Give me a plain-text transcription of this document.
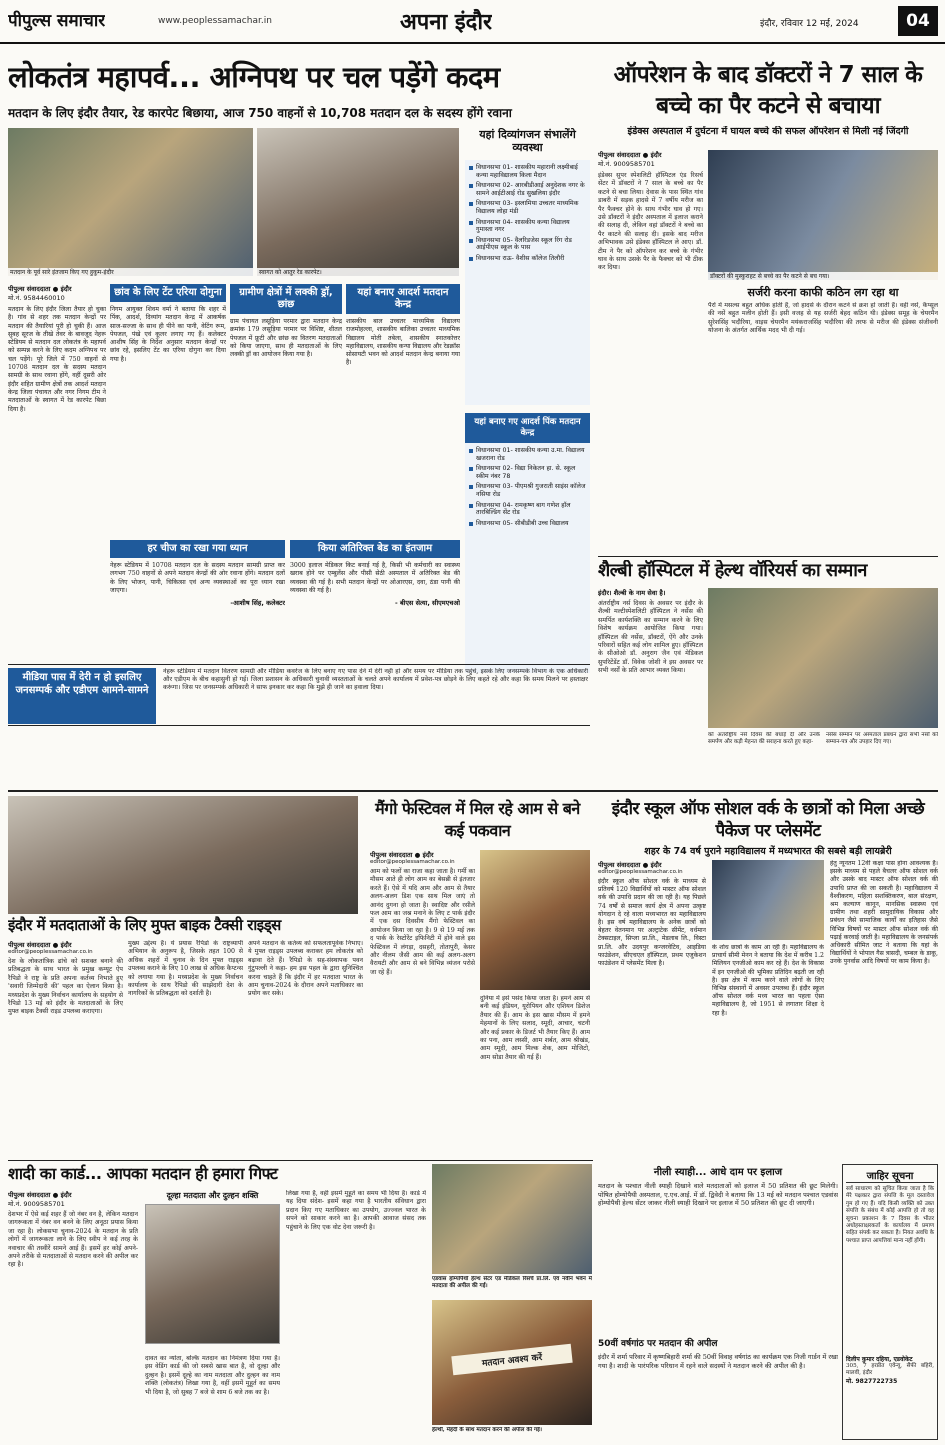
पीपुल्स समाचार	www.peoplessamachar.in	अपना इंदौर	इंदौर, रविवार 12 मई, 2024	04
लोकतंत्र महापर्व... अग्निपथ पर चल पड़ेंगे कदम
मतदान के लिए इंदौर तैयार, रेड कारपेट बिछाया, आज 750 वाहनों से 10,708 मतदान दल के सदस्य होंगे रवाना
मतदान के पूर्व सारे इंतजाम किए गए हुकुम-इंदौर	स्वागत को आतुर रेड कारपेट।
यहां दिव्यांगजन संभालेंगे व्यवस्था
विधानसभा 01- शासकीय महारानी लक्ष्मीबाई कन्या महाविद्यालय किला मैदान
विधानसभा 02- आरबीडीआई अनुदेशक नगर के सामने आईटीआई रोड सुखलिया इंदौर
विधानसभा 03- इस्लामिया उच्चतर माध्यमिक विद्यालय लोहा मंडी
विधानसभा 04- शासकीय कन्या विद्यालय गुमास्ता नगर
विधानसभा 05- वैलरिडजेस स्कूल रिंग रोड आईपीएस स्कूल के पास
विधानसभा राऊ- वैशीस कॉलेज तिलौरी
यहां बनाए गए आदर्श पिंक मतदान केन्द्र
विधानसभा 01- शासकीय कन्या उ.मा. विद्यालय खजराना रोड
विधानसभा 02- विद्या निकेतन हा. से. स्कूल स्कीम नंबर 78
विधानसभा 03- पीएमश्री गुजराती साइंस कॉलेज नसिया रोड
विधानसभा 04- रामकृष्ण बाग गणेश हॉल तारबिल्डिंग सेंट रोड
विधानसभा 05- सीबीडीबी उच्च विद्यालय
पीपुल्स संवाददाता ● इंदौर
मो.नं. 9584460010
मतदान के लिए इंदौर जिला तैयार हो चुका है। गांव से शहर तक मतदान केन्द्रों पर मतदान की तैयारियां पूरी हो चुकी हैं। आज सुबह सूरज के तीखे तेवर के बावजूद नेहरू स्टेडियम से मतदान दल लोकतंत्र के महापर्व को सम्पन्न करने के लिए कदम अग्निपथ पर चल पड़ेंगे। पूरे जिले में 750 वाहनों से 10708 मतदान दल के सदस्य मतदान सामग्री के साथ रवाना होंगे, वहीं दूसरी ओर इंदौर शहित ग्रामीण क्षेत्रों तक आदर्श मतदान केन्द्र जिला पंचायत और नगर निगम टीम ने मतदाताओं के स्वागत में रेड कारपेट बिछा दिया है।
छांव के लिए टेंट एरिया दोगुना
निगम आयुक्त शिवम वर्मा ने बताया कि शहर में पिंक, आदर्श, दिव्यांग मतदान केन्द्र में आकर्षक साज-सज्जा के साथ ही पीने का पानी, वेटिंग रूम, पेयजल, पंखे एवं कूलर लगाए गए हैं। कलेक्टर आशीष सिंह के निर्देश अनुसार मतदान केन्द्रों पर छांव रहे, इसलिए टेंट का एरिया दोगुना कर दिया गया है।
ग्रामीण क्षेत्रों में लक्की ड्रॉ, छांछ
ग्राम पंचायत लसूड़िया परमार द्वारा मतदान केन्द्र क्रमांक 179 लसूड़िया परमार पर विशिष्ट, शीतल पेयजल में फ्रूटी और छांछ का वितरण मतदाताओं को किया जाएगा, साथ ही मतदाताओं के लिए लक्की ड्रॉ का आयोजन किया गया है।
यहां बनाए आदर्श मतदान केन्द्र
शासकीय बाल उच्चतर माध्यमिक विद्यालय राजमोहल्ला, शासकीय बालिका उच्चतर माध्यमिक विद्यालय मोती तबेला, शासकीय स्नातकोत्तर महाविद्यालय, शासकीय कन्या विद्यालय और रेडक्रॉस सोसायटी भवन को आदर्श मतदान केन्द्र बनाया गया है।
हर चीज का रखा गया ध्यान
नेहरू स्टेडियम में 10708 मतदान दल के सदस्य मतदान सामग्री प्राप्त कर लगभग 750 वाहनों से अपने मतदान केन्द्रों की ओर रवाना होंगे। मतदान दलों के लिए भोजन, पानी, चिकित्सा एवं अन्य व्यवस्थाओं का पूरा ध्यान रखा जाएगा।
-आशीष सिंह, कलेक्टर
किया अतिरिक्त बेड का इंतजाम
3000 इलाज मेडिकल किट बनाई गई है, किसी भी कर्मचारी का स्वास्थ्य खराब होने पर एम्बुलेंस और पीसी सेठी अस्पताल में अतिरिक्त बेड की व्यवस्था की गई है। सभी मतदान केन्द्रों पर ओआरएस, दवा, ठंडा पानी की व्यवस्था की गई है।
- बीएस सेत्या, सीएमएचओ
मीडिया पास में देरी न हो इसलिए जनसम्पर्क और एडीएम आमने-सामने
नेहरू स्टेडियम में मतदान वितरण सामग्री और मीडिया कवरेज के लिए बनाए गए पास देने में देरी नहीं हो और समय पर मीडिया तक पहुंचे, इसके लिए जनसम्पर्क विभाग के एक अधिकारी और एडीएम के बीच कहासुनी हो गई। जिला प्रशासन के अधिकारी चुनावी व्यस्तताओं के चलते अपने कार्यालय में प्रवेश-पत्र छोड़ने के लिए कहते रहे और कहा कि समय मिलने पर हस्ताक्षर करूंगा। जिस पर जनसम्पर्क अधिकारी ने साफ इनकार कर कहा कि मुझे ही जाने का हवाला दिया।
ऑपरेशन के बाद डॉक्टरों ने 7 साल के बच्चे का पैर कटने से बचाया
इंडेक्स अस्पताल में दुर्घटना में घायल बच्चे की सफल ऑपरेशन से मिली नई जिंदगी
पीपुल्स संवाददाता ● इंदौर
मो.नं. 9009585701
इंडेक्स सुपर स्पेशलिटी हॉस्पिटल एंड रिसर्च सेंटर में डॉक्टरों ने 7 साल के बच्चे का पैर कटने से बचा लिया। देवास के पास स्थित गांव डाबरी में सड़क हादसे में 7 वर्षीय मरीज का पैर फैक्चर होने के साथ गंभीर घाव हो गए। उसे डॉक्टरों ने इंदौर अस्पताल में इलाज कराने की सलाह दी, लेकिन वहां डॉक्टरों ने बच्चे का पैर काटने की सलाह दी। इसके बाद मरीज अभिभावक उसे इंडेक्स हॉस्पिटल ले आए। डॉ. टीम ने पैर को ऑपरेशन कर बच्चे के गंभीर घाव के साथ उसके पैर के फैक्चर को भी ठीक कर दिया।
डॉक्टरों की मुस्कुराहट से बच्चे का पैर कटने से बच गया।
सर्जरी करना काफी कठिन लग रहा था
पैरों में मसल्स बहुत अधिक होती हैं, जो हादसे के दौरान कटने से क्रश हो जाती हैं। वहीं नसें, कैप्सूल की नसें बहुत मलीन होती हैं। इसी वजह से यह सर्जरी बेहद कठिन थी। इंडेक्स समूह के चेयरमैन सुरेशसिंह भदौरिया, वाइस चेयरमैन मयंकराजसिंह भदौरिया की तरफ से मरीज की इंडेक्स संजीवनी योजना के अंतर्गत आर्थिक मदद भी दी गई।
शैल्बी हॉस्पिटल में हेल्थ वॉरियर्स का सम्मान
इंदौर। शैल्बी के नाम सेवा है।
अंतर्राष्ट्रीय नर्स दिवस के अवसर पर इंदौर के शैल्बी मल्टीस्पेशलिटी हॉस्पिटल ने नर्सेस की समर्पित कार्यशक्ति का सम्मान करने के लिए विशेष कार्यक्रम आयोजित किया गया। हॉस्पिटल की नर्सेस, डॉक्टरों, ऐंगे और उनके परिवारों सहित कई लोग शामिल हुए। हॉस्पिटल के सीओओ डॉ. अनुराग जैन एवं मेडिकल सुपरिटेंडेंट डॉ. विवेक जोशी ने इस अवसर पर सभी नर्सों के प्रति आभार व्यक्त किया।
को अंतर्राष्ट्रीय नर्स दिवस की बधाई दी और उनके समर्पण और कड़ी मेहनत की सराहना करते हुए कहा-
नर्सेस सम्मान पर अस्पताल प्रबंधन द्वारा सभी नर्सों को सम्मान-पत्र और उपहार दिए गए।
इंदौर में मतदाताओं के लिए मुफ्त बाइक टैक्सी राइड्स
पीपुल्स संवाददाता ● इंदौर
editor@peoplessamachar.co.in
देश के लोकतांत्रिक ढांचे को सशक्त बनाने की प्रतिबद्धता के साथ भारत के प्रमुख कम्यूट ऐप रैपिडो ने राष्ट्र के प्रति अपना कर्तव्य निभाते हुए 'सवारी जिम्मेदारी की' पहल का ऐलान किया है। मध्यप्रदेश के मुख्य निर्वाचन कार्यालय के सहयोग से रैपिडो 13 मई को इंदौर के मतदाताओं के लिए मुफ्त बाइक टैक्सी राइड उपलब्ध कराएगा।
मुख्य उद्देश्य है। ये प्रयास रैपिडो के राष्ट्रव्यापी अभियान के अनुरूप है, जिसके तहत 100 से अधिक शहरों में चुनाव के दिन मुफ्त राइड्स उपलब्ध कराने के लिए 10 लाख से अधिक कैप्टन्स को लगाया गया है। मध्यप्रदेश के मुख्य निर्वाचन कार्यालय के साथ रैपिडो की साझेदारी देश के नागरिकों के प्रतिबद्धता को दर्शाती है।
अपने मतदान के कर्तव्य को सफलतापूर्वक निभाए। ये मुफ्त राइड्स उपलब्ध कराकर हम लोकतंत्र को बढ़ावा देते हैं। रैपिडो के सह-संस्थापक पवन गुंटुपल्ली ने कहा- हम इस पहल के द्वारा सुनिश्चित करना चाहते हैं कि इंदौर में हर मतदाता भारत के आम चुनाव-2024 के दौरान अपने मताधिकार का प्रयोग कर सके।
मैंगो फेस्टिवल में मिल रहे आम से बने कई पकवान
पीपुल्स संवाददाता ● इंदौर
editor@peoplessamachar.co.in
आम को फलों का राजा कहा जाता है। गर्मी का मौसम आते ही लोग आम का बेसब्री से इंतजार करते हैं। ऐसे में यदि आम और आम से तैयार अलग-अलग डिश एक साथ मिल जाएं तो आनंद दुगना हो जाता है। स्वादिष्ट और रसीले फल आम का जश्न मनाने के लिए ट पार्क इंदौर में एक दस दिवसीय मैंगो फेस्टिवल का आयोजन किया जा रहा है। 9 से 19 मई तक द पार्क के रेस्टोरेंट इफिनिटी में होने वाले इस फेस्टिवल में लंगड़ा, दसहरी, तोतापुरी, केसर और नीलम जैसी आम की कई अलग-अलग वैरायटी और आम से बने विभिन्न व्यंजन परोसे जा रहे हैं।
दुनिया में इसे पसंद किया जाता है। हमने आम से बनी कई इंडियन, यूरोपियन और एशियन डिशेज तैयार की हैं। आम के इस खास मौसम में हमने मेहमानों के लिए सलाद, स्मूदी, आचार, चटनी और कई प्रकार के डिजर्ट भी तैयार किए हैं। आम का पना, आम लस्सी, आम शर्बत, आम श्रीखंड, आम स्मूदी, आम मिल्क शेक, आम मोजिटो, आम सोडा तैयार की गई हैं।
इंदौर स्कूल ऑफ सोशल वर्क के छात्रों को मिला अच्छे पैकेज पर प्लेसमेंट
शहर के 74 वर्ष पुराने महाविद्यालय में मध्यभारत की सबसे बड़ी लायब्रेरी
पीपुल्स संवाददाता ● इंदौर
editor@peoplessamachar.co.in
इंदौर स्कूल ऑफ सोशल वर्क के माध्यम से प्रतिवर्ष 120 विद्यार्थियों को मास्टर ऑफ सोशल वर्क की उपाधि प्रदान की जा रही है। यह पिछले 74 वर्षों से समाज कार्य क्षेत्र में अपना उत्कृष्ट योगदान दे रहे वाला मध्यभारत का महाविद्यालय है। इस वर्ष महाविद्यालय के अनेक छात्रों को बेहतर वेतनमान पर अल्ट्राटेक सीमेंट, वर्धमान टेक्सटाइल, सिप्ला प्रा.लि., मेडलाब लि., विस्टा प्रा.लि. और उदयपुर कन्जरवेटिव, आइडिया फाउंडेशन, सीएचएल हॉस्पिटल, प्रथम एजुकेशन फाउंडेशन में प्लेसमेंट मिला है।
के शोध छात्रों के काम आ रही हैं। महाविद्यालय के प्राचार्य सीमी मेनन ने बताया कि देश में करीब 1.2 मिलियन एनजीओ काम कर रहे हैं। देश के विकास में इन एनजीओ की भूमिका प्रतिदिन बढ़ती जा रही है। इस क्षेत्र में काम करने वाले लोगों के लिए विभिन्न संस्थानों में अवसर उपलब्ध हैं। इंदौर स्कूल ऑफ सोशल वर्क मध्य भारत का पहला ऐसा महाविद्यालय है, जो 1951 से लगातार शिक्षा दे रहा है।
हेतु न्यूनतम 12वीं कक्षा पास होना आवश्यक है। इसके माध्यम से पहले बैचलर ऑफ सोशल वर्क और उसके बाद मास्टर ऑफ सोशल वर्क की उपाधि प्राप्त की जा सकती है। महाविद्यालय में वैश्वीकरण, महिला सशक्तिकरण, बाल संरक्षण, श्रम कल्याण कानून, मानसिक स्वास्थ्य एवं ग्रामीण तथा शहरी सामुदायिक विकास और प्रबंधन जैसे सामाजिक कार्यों का इतिहास जैसे विभिन्न विषयों पर मास्टर ऑफ सोशल वर्क की पढ़ाई करवाई जाती है। महाविद्यालय के जनसंपर्क अधिकारी सीमित जाट ने बताया कि यहां के विद्यार्थियों ने भोपाल गैस त्रासदी, चम्बल के डाकू, उनके पुनर्वास आदि विषयों पर काम किया है।
शादी का कार्ड... आपका मतदान ही हमारा गिफ्ट
पीपुल्स संवाददाता ● इंदौर
मो.नं. 9009585701
देशभर में ऐसे कई शहर हैं जो नंबर वन है, लेकिन मतदान जागरूकता में नंबर वन बनने के लिए अनूठा प्रयास किया जा रहा है। लोकसभा चुनाव-2024 के मतदान के प्रति लोगों में जागरूकता लाने के लिए स्वीप ने कई तरह के नवाचार की तस्वीरें सामने आई हैं। इसमें हर कोई अपने-अपने तरीके से मतदाताओं से मतदान करने की अपील कर रहा है।
दूल्हा मतदाता और दुल्हन शक्ति
दावत का न्योता, बल्कि मतदान का निमंत्रण दिया गया है। इस वेडिंग कार्ड की जो सबसे खास बात है, वो दूल्हा और दुल्हन है। इसमें दूल्हे का नाम मतदाता और दुल्हन का नाम शक्ति (लोकतंत्र) लिखा गया है, वहीं इसमें मुहूर्त का समय भी दिया है, जो सुबह 7 बजे से शाम 6 बजे तक का है।
लिखा गया है, वहीं इसमें मुहूर्त का समय भी दिया है। कार्ड में यह दिया संदेश- इसमें कहा गया है भारतीय संविधान द्वारा प्रदान किए गए मताधिकार का उपयोग, उज्ज्वल भारत के सपने को साकार करने का है। आपकी आवाज संसद तक पहुंचाने के लिए एक वोट देना जरूरी है।
एडवांस होम्योपैथी हेल्थ सेंटर एंड मेडिकल रिसर्च प्रा.लि. एवं नवीन भवन में मतदाता की अपील की गई।
मतदान अवश्य करें
हेल्थी, मेहंदी के साथ मतदान करने की अपील की गई।
नीली स्याही... आधे दाम पर इलाज
मतदान के पश्चात नीली स्याही दिखाने वाले मतदाताओं को इलाज में 50 प्रतिशत की छूट मिलेगी। पोषित होम्योपैथी अस्पताल, ए.एच.आई. में डॉ. द्विवेदी ने बताया कि 13 मई को मतदान पश्चात एडवांस होम्योपैथी हेल्थ सेंटर जाकर नीली स्याही दिखाने पर इलाज में 50 प्रतिशत की छूट दी जाएगी।
50वीं वर्षगांठ पर मतदान की अपील
इंदौर में शर्मा परिवार में कृष्णबिहारी शर्मा की 50वीं विवाह वर्षगांठ का कार्यक्रम एक निजी गार्डन में रखा गया है। शादी के पारंपरिक परिधान में रहने वाले सदस्यों ने मतदान करने की अपील की है।
जाहिर सूचना
सर्व साधारण को सूचित किया जाता है कि मेरे पक्षकार द्वारा संपत्ति के मूल दस्तावेज गुम हो गए हैं। यदि किसी व्यक्ति को उक्त संपत्ति के संबंध में कोई आपत्ति हो तो वह सूचना प्रकाशन के 7 दिवस के भीतर अधोहस्ताक्षरकर्ता के कार्यालय में प्रमाण सहित संपर्क कर सकता है। नियत अवधि के पश्चात प्राप्त आपत्तियां मान्य नहीं होंगी।
दिलीप कुमार दहिया, एडवोकेट
305, 7 हरप्रीत एवेन्यू, सैफी बहिरी, मालवी, इंदौर
मो. 9827722735
